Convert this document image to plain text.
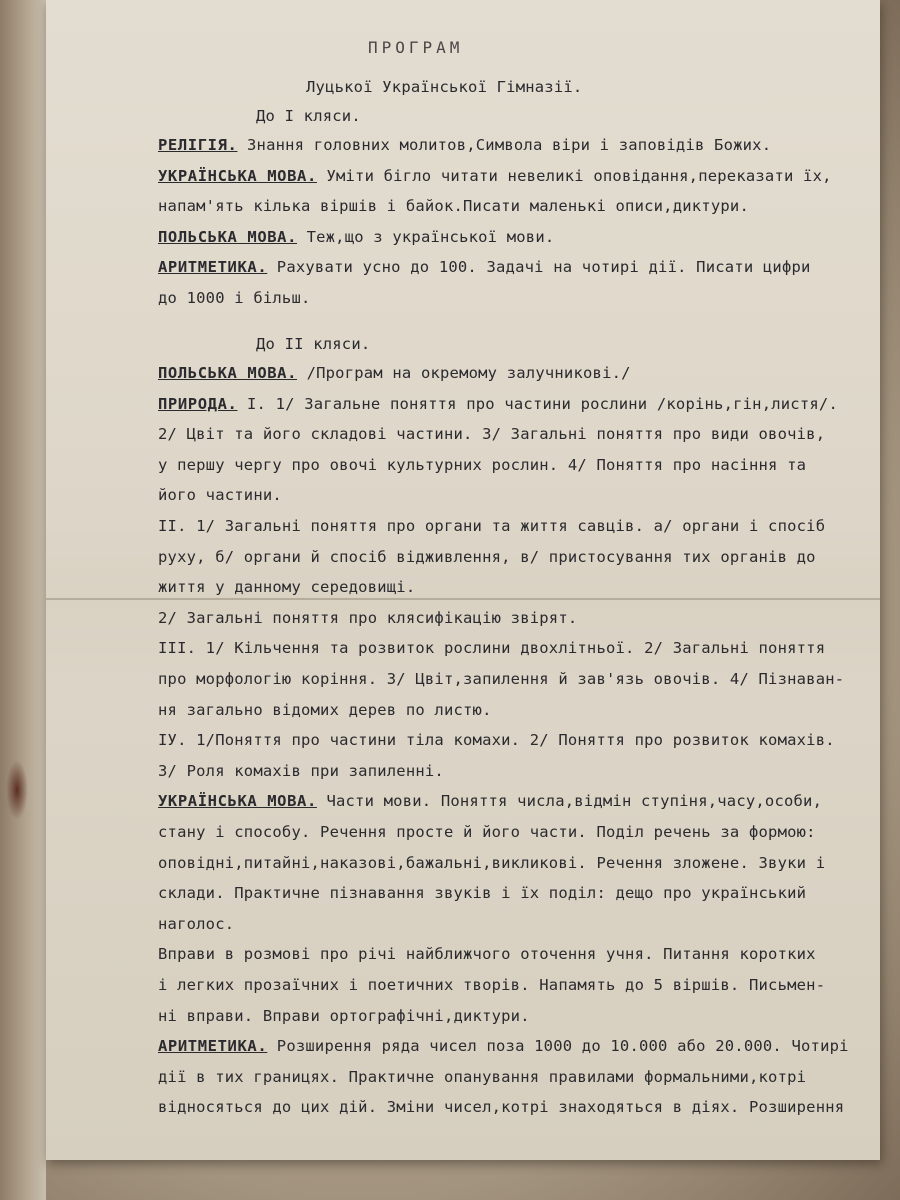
ПРОГРАМ
Луцької Української Гімназії.
До I кляси.
РЕЛІГІЯ. Знання головних молитов,Символа віри і заповідів Божих.
УКРАЇНСЬКА МОВА. Уміти бігло читати невеликі оповідання,переказати їх,
напам'ять кілька віршів і байок.Писати маленькі описи,диктури.
ПОЛЬСЬКА МОВА. Теж,що з української мови.
АРИТМЕТИКА. Рахувати усно до 100. Задачі на чотирі дії. Писати цифри
до 1000 і більш.
До II кляси.
ПОЛЬСЬКА МОВА. /Програм на окремому залучникові./
ПРИРОДА. I. 1/ Загальне поняття про частини рослини /корінь,гін,листя/.
2/ Цвіт та його складові частини. 3/ Загальні поняття про види овочів,
у першу чергу про овочі культурних рослин. 4/ Поняття про насіння та
його частини.
II. 1/ Загальні поняття про органи та життя савців. а/ органи і спосіб
руху, б/ органи й спосіб відживлення, в/ пристосування тих органів до
життя у данному середовищі.
2/ Загальні поняття про клясифікацію звірят.
III. 1/ Кільчення та розвиток рослини двохлітньої. 2/ Загальні поняття
про морфологію коріння. 3/ Цвіт,запилення й зав'язь овочів. 4/ Пізнаван-
ня загально відомих дерев по листю.
IУ. 1/Поняття про частини тіла комахи. 2/ Поняття про розвиток комахів.
3/ Роля комахів при запиленні.
УКРАЇНСЬКА МОВА. Части мови. Поняття числа,відмін ступіня,часу,особи,
стану і способу. Речення просте й його части. Поділ речень за формою:
оповідні,питайні,наказові,бажальні,викликові. Речення зложене. Звуки і
склади. Практичне пізнавання звуків і їх поділ: дещо про український
наголос.
Вправи в розмові про річі найближчого оточення учня. Питання коротких
і легких прозаїчних і поетичних творів. Напамять до 5 віршів. Письмен-
ні вправи. Вправи ортографічні,диктури.
АРИТМЕТИКА. Розширення ряда чисел поза 1000 до 10.000 або 20.000. Чотирі
дії в тих границях. Практичне опанування правилами формальними,котрі
відносяться до цих дій. Зміни чисел,котрі знаходяться в діях. Розширення
